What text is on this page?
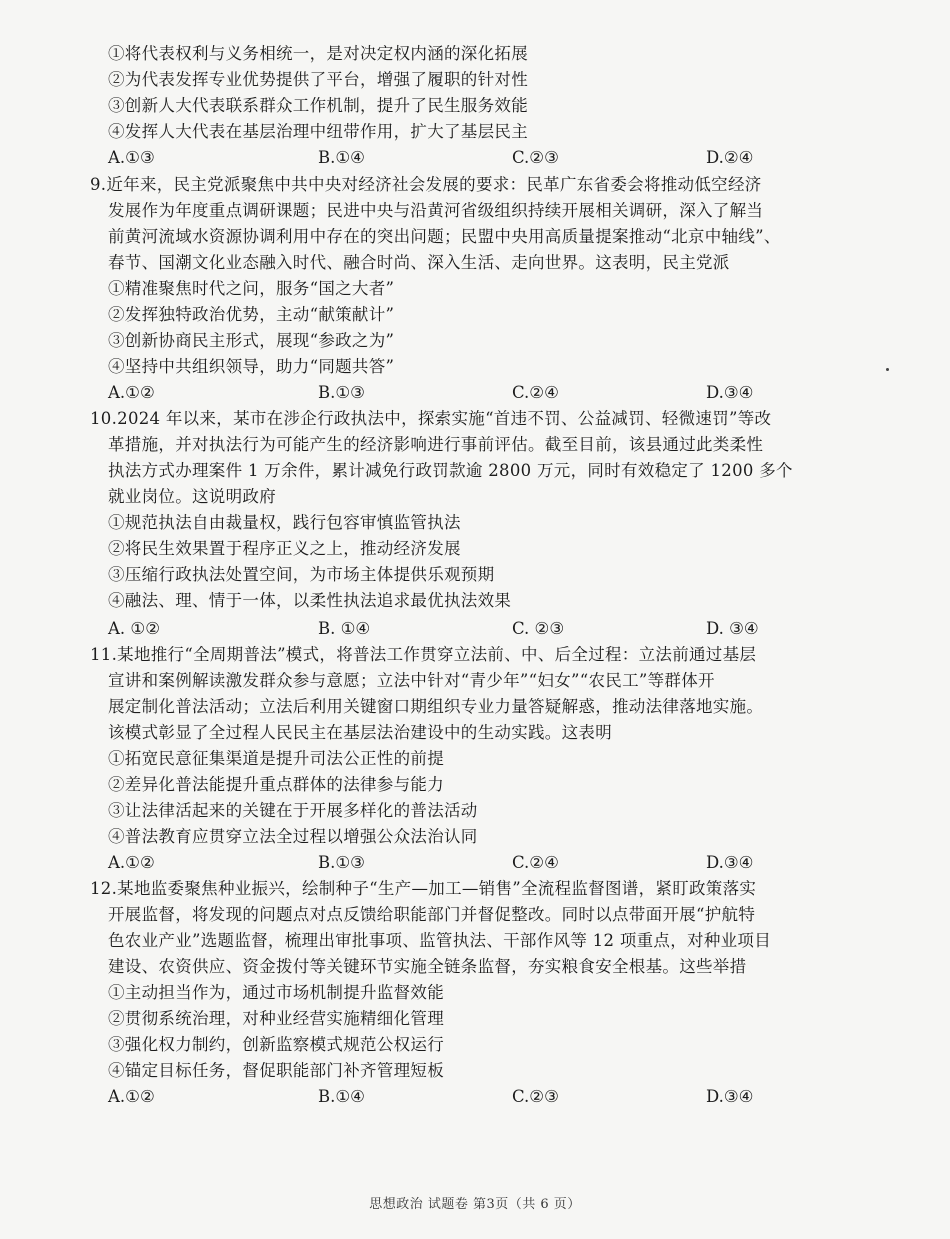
①将代表权利与义务相统一，是对决定权内涵的深化拓展
②为代表发挥专业优势提供了平台，增强了履职的针对性
③创新人大代表联系群众工作机制，提升了民生服务效能
④发挥人大代表在基层治理中纽带作用，扩大了基层民主
A.①③	B.①④	C.②③	D.②④
9.近年来，民主党派聚焦中共中央对经济社会发展的要求：民革广东省委会将推动低空经济
发展作为年度重点调研课题；民进中央与沿黄河省级组织持续开展相关调研，深入了解当
前黄河流域水资源协调利用中存在的突出问题；民盟中央用高质量提案推动“北京中轴线”、
春节、国潮文化业态融入时代、融合时尚、深入生活、走向世界。这表明，民主党派
①精准聚焦时代之问，服务“国之大者”
②发挥独特政治优势，主动“献策献计”
③创新协商民主形式，展现“参政之为”
④坚持中共组织领导，助力“同题共答”
A.①②	B.①③	C.②④	D.③④
10.2024 年以来，某市在涉企行政执法中，探索实施“首违不罚、公益减罚、轻微速罚”等改
革措施，并对执法行为可能产生的经济影响进行事前评估。截至目前，该县通过此类柔性
执法方式办理案件 1 万余件，累计减免行政罚款逾 2800 万元，同时有效稳定了 1200 多个
就业岗位。这说明政府
①规范执法自由裁量权，践行包容审慎监管执法
②将民生效果置于程序正义之上，推动经济发展
③压缩行政执法处置空间，为市场主体提供乐观预期
④融法、理、情于一体，以柔性执法追求最优执法效果
A. ①②	B. ①④	C. ②③	D. ③④
11.某地推行“全周期普法”模式，将普法工作贯穿立法前、中、后全过程：立法前通过基层
宣讲和案例解读激发群众参与意愿；立法中针对“青少年”“妇女”“农民工”等群体开
展定制化普法活动；立法后利用关键窗口期组织专业力量答疑解惑，推动法律落地实施。
该模式彰显了全过程人民民主在基层法治建设中的生动实践。这表明
①拓宽民意征集渠道是提升司法公正性的前提
②差异化普法能提升重点群体的法律参与能力
③让法律活起来的关键在于开展多样化的普法活动
④普法教育应贯穿立法全过程以增强公众法治认同
A.①②	B.①③	C.②④	D.③④
12.某地监委聚焦种业振兴，绘制种子“生产—加工—销售”全流程监督图谱，紧盯政策落实
开展监督，将发现的问题点对点反馈给职能部门并督促整改。同时以点带面开展“护航特
色农业产业”选题监督，梳理出审批事项、监管执法、干部作风等 12 项重点，对种业项目
建设、农资供应、资金拨付等关键环节实施全链条监督，夯实粮食安全根基。这些举措
①主动担当作为，通过市场机制提升监督效能
②贯彻系统治理，对种业经营实施精细化管理
③强化权力制约，创新监察模式规范公权运行
④锚定目标任务，督促职能部门补齐管理短板
A.①②	B.①④	C.②③	D.③④
思想政治 试题卷 第3页（共 6 页）
